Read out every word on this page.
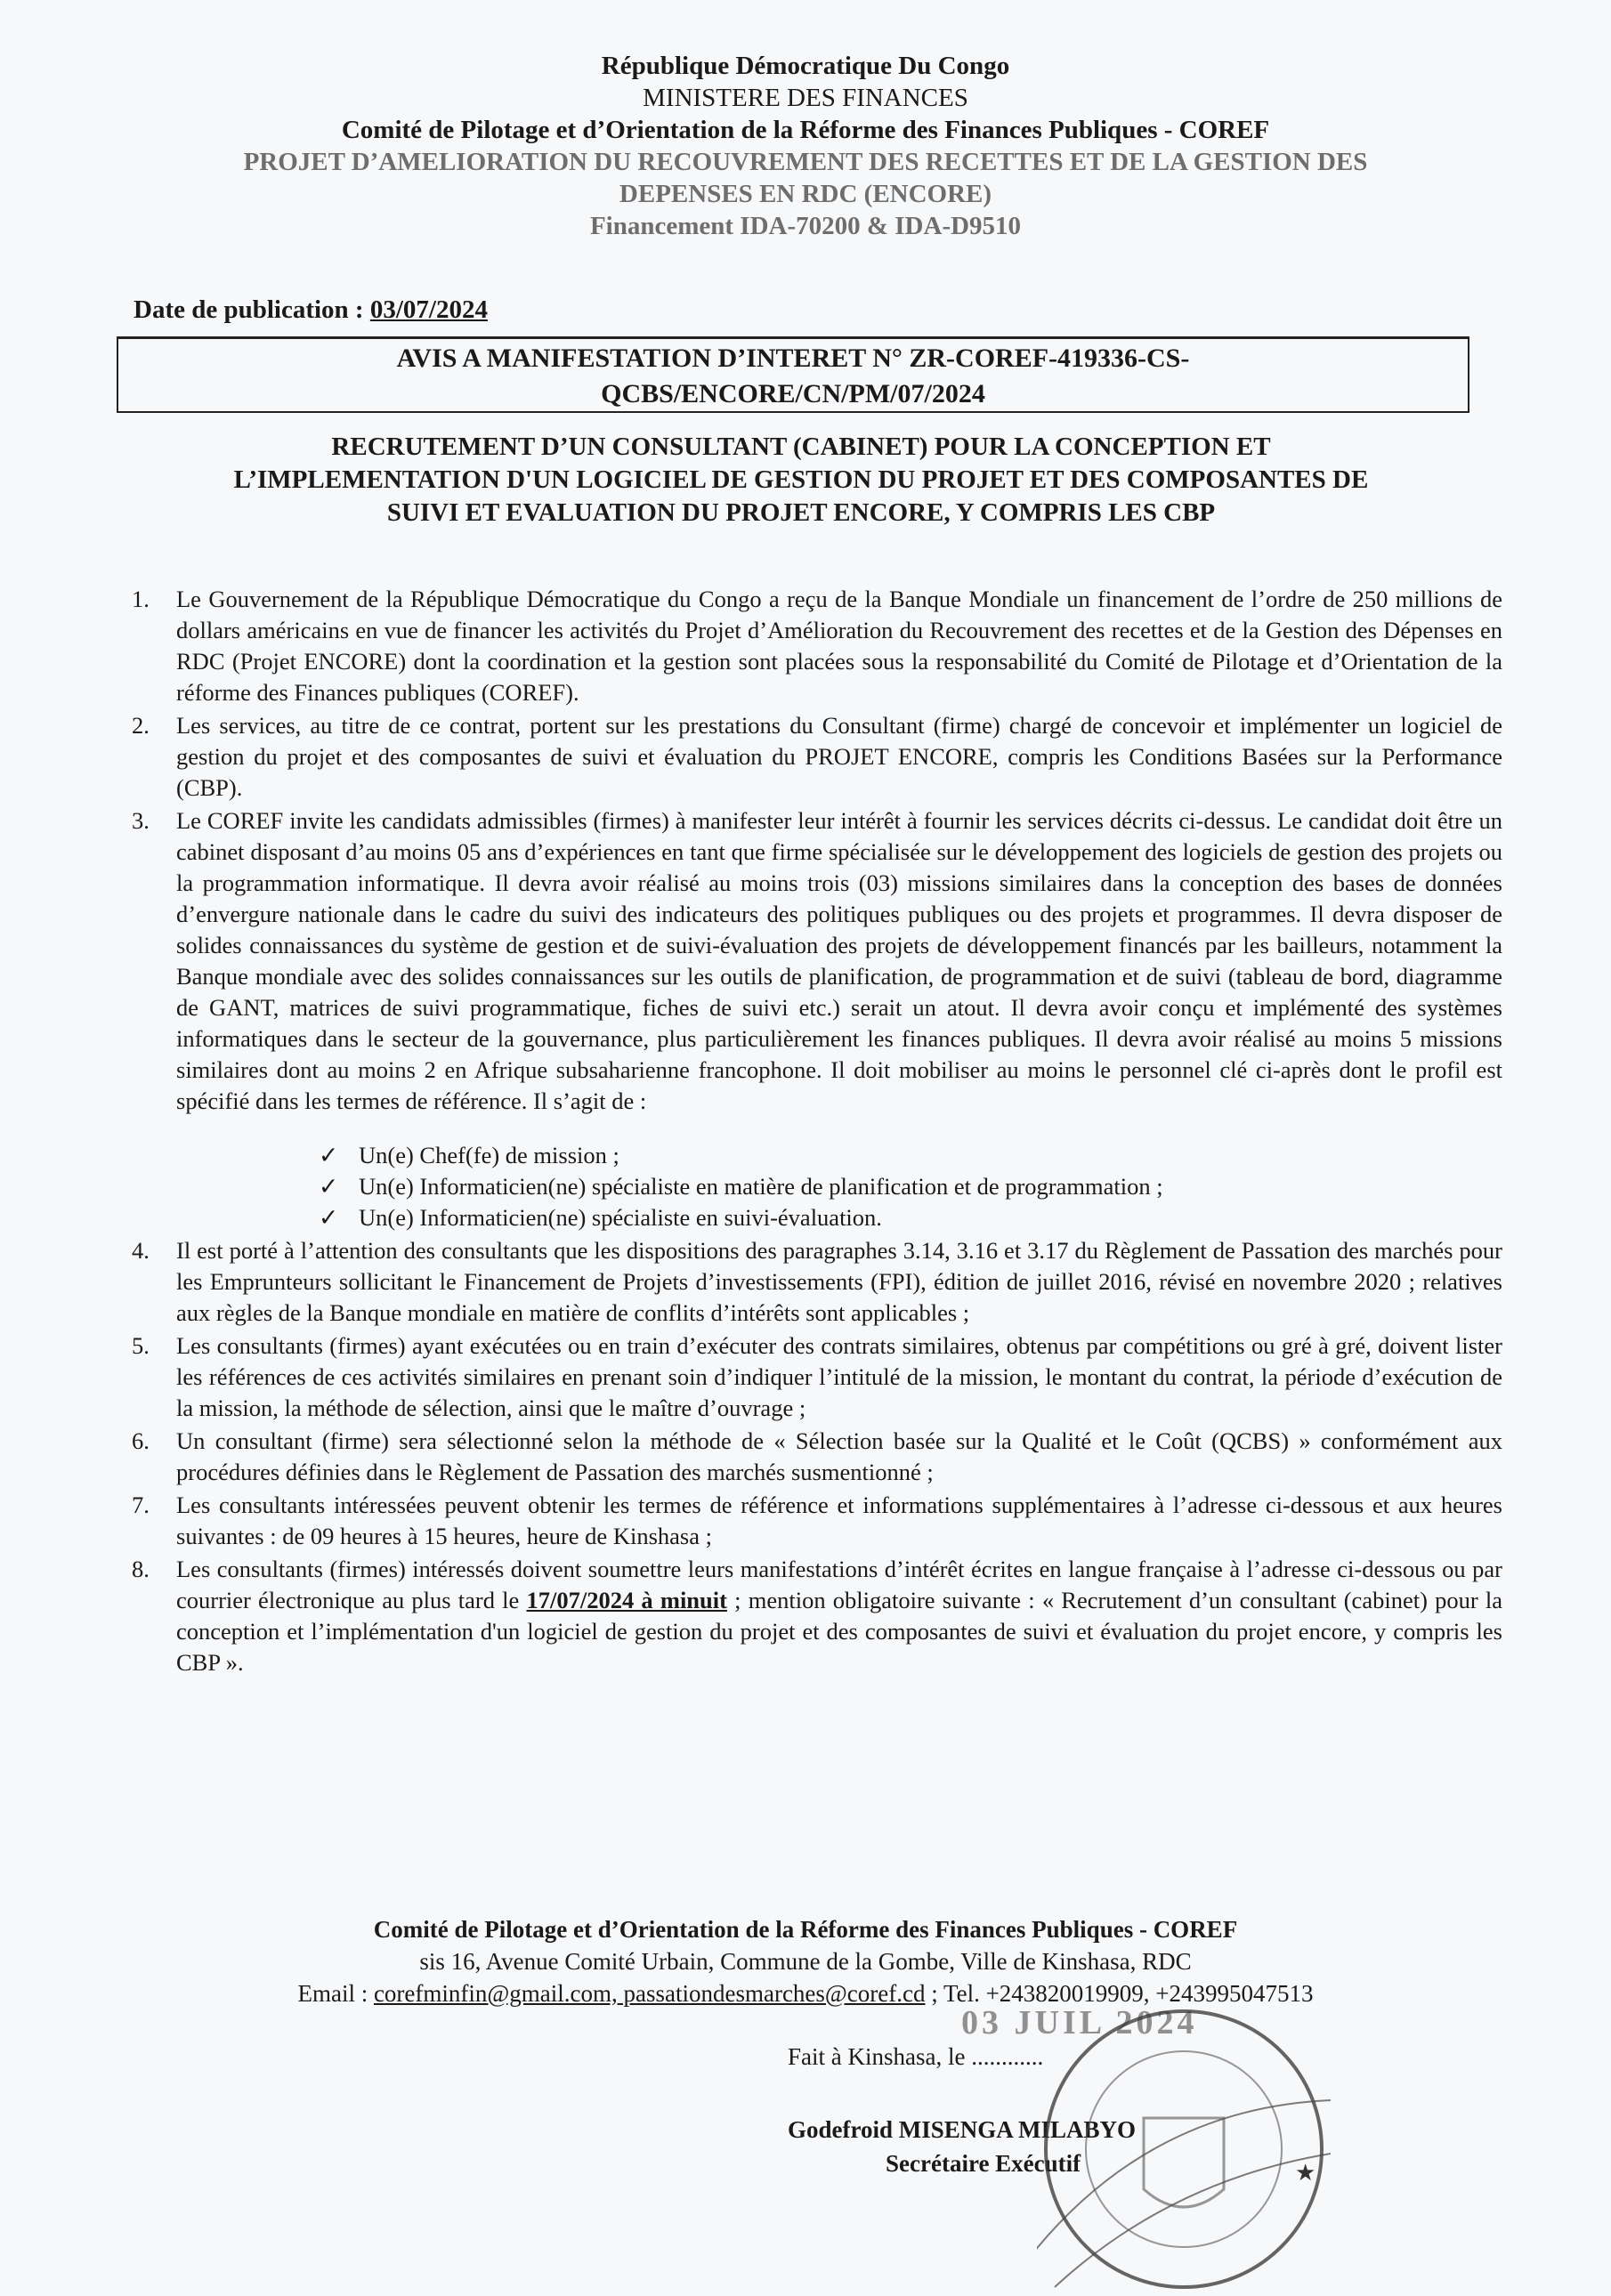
République Démocratique Du Congo
MINISTERE DES FINANCES
Comité de Pilotage et d’Orientation de la Réforme des Finances Publiques - COREF
PROJET D’AMELIORATION DU RECOUVREMENT DES RECETTES ET DE LA GESTION DES
DEPENSES EN RDC (ENCORE)
Financement IDA-70200 & IDA-D9510
Date de publication : 03/07/2024
AVIS A MANIFESTATION D’INTERET N° ZR-COREF-419336-CS-
QCBS/ENCORE/CN/PM/07/2024
RECRUTEMENT D’UN CONSULTANT (CABINET) POUR LA CONCEPTION ET
L’IMPLEMENTATION D'UN LOGICIEL DE GESTION DU PROJET ET DES COMPOSANTES DE
SUIVI ET EVALUATION DU PROJET ENCORE, Y COMPRIS LES CBP
1.	Le Gouvernement de la République Démocratique du Congo a reçu de la Banque Mondiale un financement de l’ordre de 250 millions de dollars américains en vue de financer les activités du Projet d’Amélioration du Recouvrement des recettes et de la Gestion des Dépenses en RDC (Projet ENCORE) dont la coordination et la gestion sont placées sous la responsabilité du Comité de Pilotage et d’Orientation de la réforme des Finances publiques (COREF).
2.	Les services, au titre de ce contrat, portent sur les prestations du Consultant (firme) chargé de concevoir et implémenter un logiciel de gestion du projet et des composantes de suivi et évaluation du PROJET ENCORE, compris les Conditions Basées sur la Performance (CBP).
3.	Le COREF invite les candidats admissibles (firmes) à manifester leur intérêt à fournir les services décrits ci-dessus. Le candidat doit être un cabinet disposant d’au moins 05 ans d’expériences en tant que firme spécialisée sur le développement des logiciels de gestion des projets ou la programmation informatique. Il devra avoir réalisé au moins trois (03) missions similaires dans la conception des bases de données d’envergure nationale dans le cadre du suivi des indicateurs des politiques publiques ou des projets et programmes. Il devra disposer de solides connaissances du système de gestion et de suivi-évaluation des projets de développement financés par les bailleurs, notamment la Banque mondiale avec des solides connaissances sur les outils de planification, de programmation et de suivi (tableau de bord, diagramme de GANT, matrices de suivi programmatique, fiches de suivi etc.) serait un atout. Il devra avoir conçu et implémenté des systèmes informatiques dans le secteur de la gouvernance, plus particulièrement les finances publiques. Il devra avoir réalisé au moins 5 missions similaires dont au moins 2 en Afrique subsaharienne francophone. Il doit mobiliser au moins le personnel clé ci-après dont le profil est spécifié dans les termes de référence. Il s’agit de :
✓ Un(e) Chef(fe) de mission ;
✓ Un(e) Informaticien(ne) spécialiste en matière de planification et de programmation ;
✓ Un(e) Informaticien(ne) spécialiste en suivi-évaluation.
4.	Il est porté à l’attention des consultants que les dispositions des paragraphes 3.14, 3.16 et 3.17 du Règlement de Passation des marchés pour les Emprunteurs sollicitant le Financement de Projets d’investissements (FPI), édition de juillet 2016, révisé en novembre 2020 ; relatives aux règles de la Banque mondiale en matière de conflits d’intérêts sont applicables ;
5.	Les consultants (firmes) ayant exécutées ou en train d’exécuter des contrats similaires, obtenus par compétitions ou gré à gré, doivent lister les références de ces activités similaires en prenant soin d’indiquer l’intitulé de la mission, le montant du contrat, la période d’exécution de la mission, la méthode de sélection, ainsi que le maître d’ouvrage ;
6.	Un consultant (firme) sera sélectionné selon la méthode de « Sélection basée sur la Qualité et le Coût (QCBS) » conformément aux procédures définies dans le Règlement de Passation des marchés susmentionné ;
7.	Les consultants intéressées peuvent obtenir les termes de référence et informations supplémentaires à l’adresse ci-dessous et aux heures suivantes : de 09 heures à 15 heures, heure de Kinshasa ;
8.	Les consultants (firmes) intéressés doivent soumettre leurs manifestations d’intérêt écrites en langue française à l’adresse ci-dessous ou par courrier électronique au plus tard le 17/07/2024 à minuit ; mention obligatoire suivante : « Recrutement d’un consultant (cabinet) pour la conception et l’implémentation d'un logiciel de gestion du projet et des composantes de suivi et évaluation du projet encore, y compris les CBP ».
Comité de Pilotage et d’Orientation de la Réforme des Finances Publiques - COREF
sis 16, Avenue Comité Urbain, Commune de la Gombe, Ville de Kinshasa, RDC
Email : corefminfin@gmail.com, passationdesmarches@coref.cd ; Tel. +243820019909, +243995047513
Fait à Kinshasa, le ............
03 JUIL 2024
Godefroid MISENGA MILABYO
Secrétaire Exécutif	★
